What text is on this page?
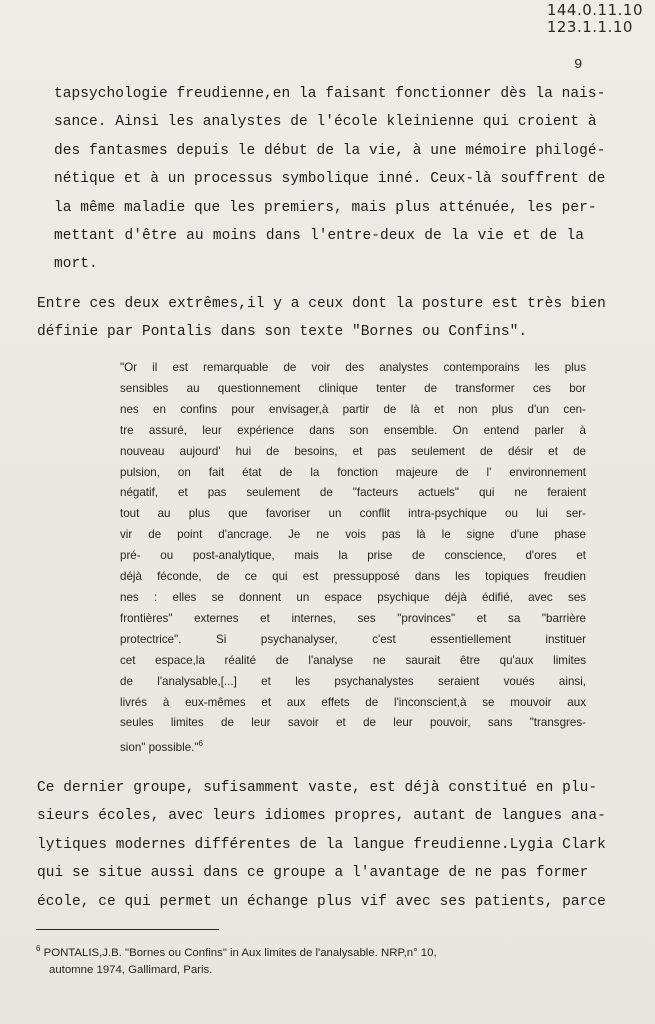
144.0.11.10
123.1.1.10
9
tapsychologie freudienne,en la faisant fonctionner dès la nais-
sance. Ainsi les analystes de l'école kleinienne qui croient à
des fantasmes depuis le début de la vie, à une mémoire philogé-
nétique et à un processus symbolique inné. Ceux-là souffrent de
la même maladie que les premiers, mais plus atténuée, les per-
mettant d'être au moins dans l'entre-deux de la vie et de la
mort.
Entre ces deux extrêmes,il y a ceux dont la posture est très bien
définie par Pontalis dans son texte "Bornes ou Confins".
"Or il est remarquable de voir des analystes contemporains les plus
sensibles au questionnement clinique tenter de transformer ces bor
nes en confins pour envisager,à partir de là et non plus d'un cen-
tre assuré, leur expérience dans son ensemble. On entend parler à
nouveau aujourd' hui de besoins, et pas seulement de désir et de
pulsion, on fait état de la fonction majeure de l' environnement
négatif, et pas seulement de "facteurs actuels" qui ne feraient
tout au plus que favoriser un conflit intra-psychique ou lui ser-
vir de point d'ancrage. Je ne vois pas là le signe d'une phase
pré- ou post-analytique, mais la prise de conscience, d'ores et
déjà féconde, de ce qui est pressupposé dans les topiques freudien
nes : elles se donnent un espace psychique déjà édifié, avec ses
frontières" externes et internes, ses "provinces" et sa "barrière
protectrice". Si psychanalyser, c'est essentiellement instituer
cet espace,la réalité de l'analyse ne saurait être qu'aux limites
de l'analysable,[...] et les psychanalystes seraient voués ainsi,
livrés à eux-mêmes et aux effets de l'inconscient,à se mouvoir aux
seules limites de leur savoir et de leur pouvoir, sans "transgres-
sion" possible."$^6$
Ce dernier groupe, sufisamment vaste, est déjà constitué en plu-
sieurs écoles, avec leurs idiomes propres, autant de langues ana-
lytiques modernes différentes de la langue freudienne.Lygia Clark
qui se situe aussi dans ce groupe a l'avantage de ne pas former
école, ce qui permet un échange plus vif avec ses patients, parce
$^6$ PONTALIS,J.B. "Bornes ou Confins" in Aux limites de l'analysable. NRP,n° 10,
automne 1974, Gallimard, Paris.
